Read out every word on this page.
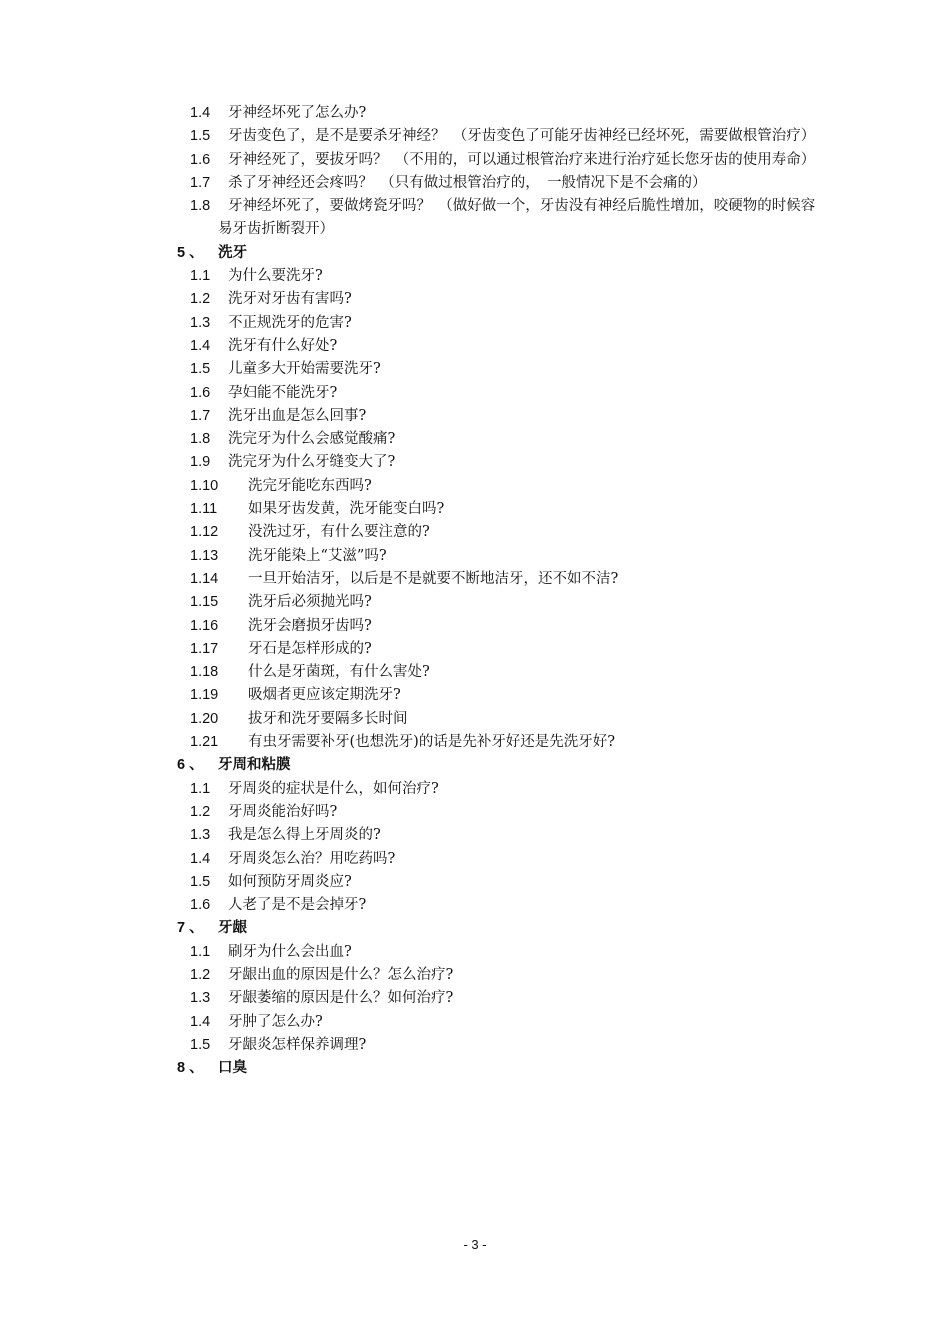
1.4	牙神经坏死了怎么办?
1.5	牙齿变色了，是不是要杀牙神经？　（牙齿变色了可能牙齿神经已经坏死，需要做根管治疗）
1.6	牙神经死了，要拔牙吗？　（不用的，可以通过根管治疗来进行治疗延长您牙齿的使用寿命）
1.7	杀了牙神经还会疼吗？　（只有做过根管治疗的，　一般情况下是不会痛的）
1.8	牙神经坏死了，要做烤瓷牙吗？　（做好做一个，牙齿没有神经后脆性增加，咬硬物的时候容易牙齿折断裂开）
5 、 洗牙
1.1	为什么要洗牙?
1.2	洗牙对牙齿有害吗?
1.3	不正规洗牙的危害?
1.4	洗牙有什么好处?
1.5	儿童多大开始需要洗牙?
1.6	孕妇能不能洗牙?
1.7	洗牙出血是怎么回事?
1.8	洗完牙为什么会感觉酸痛?
1.9	洗完牙为什么牙缝变大了?
1.10	洗完牙能吃东西吗?
1.11	如果牙齿发黄，洗牙能变白吗?
1.12	没洗过牙，有什么要注意的?
1.13	洗牙能染上“艾滋”吗?
1.14	一旦开始洁牙，以后是不是就要不断地洁牙，还不如不洁?
1.15	洗牙后必须抛光吗?
1.16	洗牙会磨损牙齿吗?
1.17	牙石是怎样形成的?
1.18	什么是牙菌斑，有什么害处?
1.19	吸烟者更应该定期洗牙?
1.20	拔牙和洗牙要隔多长时间
1.21	有虫牙需要补牙(也想洗牙)的话是先补牙好还是先洗牙好?
6 、 牙周和粘膜
1.1	牙周炎的症状是什么，如何治疗?
1.2	牙周炎能治好吗?
1.3	我是怎么得上牙周炎的?
1.4	牙周炎怎么治？用吃药吗?
1.5	如何预防牙周炎应?
1.6	人老了是不是会掉牙?
7 、 牙龈
1.1	刷牙为什么会出血?
1.2	牙龈出血的原因是什么？怎么治疗?
1.3	牙龈萎缩的原因是什么？如何治疗?
1.4	牙肿了怎么办?
1.5	牙龈炎怎样保养调理?
8 、 口臭
- 3 -
